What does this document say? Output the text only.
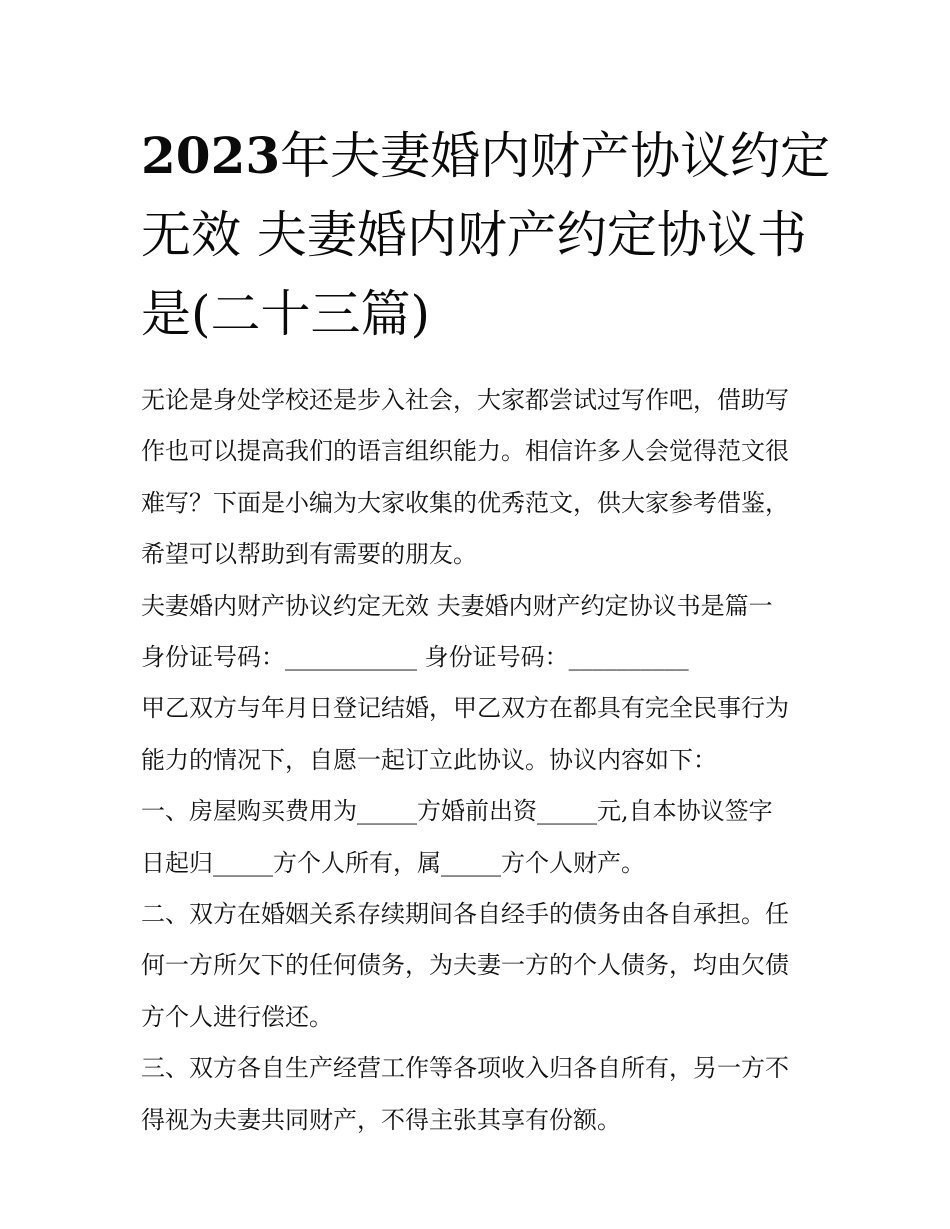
2023年夫妻婚内财产协议约定
无效 夫妻婚内财产约定协议书
是(二十三篇)

无论是身处学校还是步入社会，大家都尝试过写作吧，借助写
作也可以提高我们的语言组织能力。相信许多人会觉得范文很
难写？下面是小编为大家收集的优秀范文，供大家参考借鉴，
希望可以帮助到有需要的朋友。

夫妻婚内财产协议约定无效 夫妻婚内财产约定协议书是篇一

身份证号码：___________ 身份证号码：__________

甲乙双方与年月日登记结婚，甲乙双方在都具有完全民事行为
能力的情况下，自愿一起订立此协议。协议内容如下：

一、房屋购买费用为_____方婚前出资_____元,自本协议签字
日起归_____方个人所有，属_____方个人财产。

二、双方在婚姻关系存续期间各自经手的债务由各自承担。任
何一方所欠下的任何债务，为夫妻一方的个人债务，均由欠债
方个人进行偿还。

三、双方各自生产经营工作等各项收入归各自所有，另一方不
得视为夫妻共同财产，不得主张其享有份额。
